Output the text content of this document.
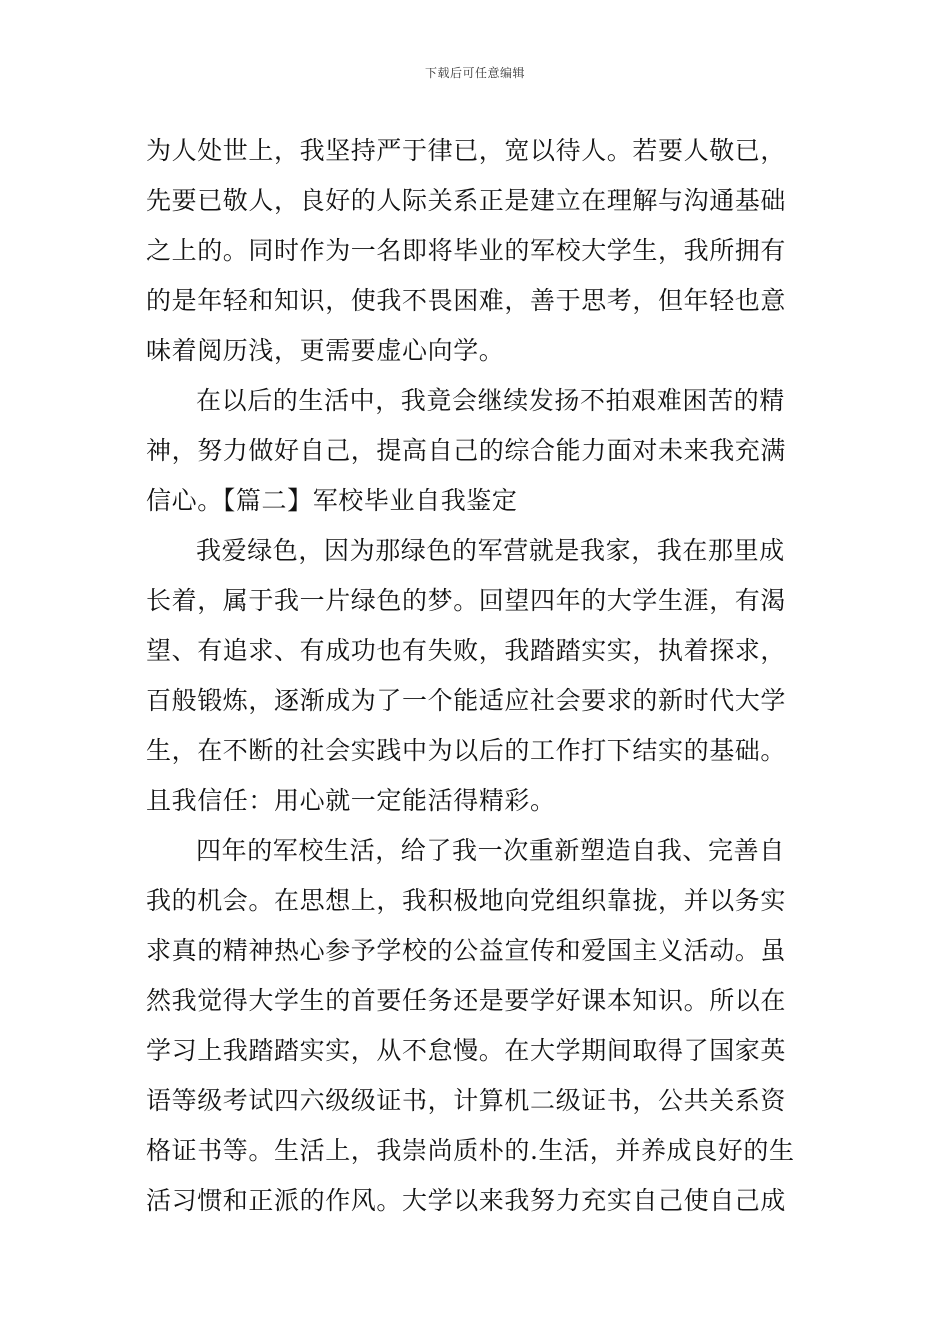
下载后可任意编辑
为人处世上，我坚持严于律已，宽以待人。若要人敬已，
先要已敬人，良好的人际关系正是建立在理解与沟通基础
之上的。同时作为一名即将毕业的军校大学生，我所拥有
的是年轻和知识，使我不畏困难，善于思考，但年轻也意
味着阅历浅，更需要虚心向学。
在以后的生活中，我竟会继续发扬不拍艰难困苦的精
神，努力做好自己，提高自己的综合能力面对未来我充满
信心。【篇二】军校毕业自我鉴定
我爱绿色，因为那绿色的军营就是我家，我在那里成
长着，属于我一片绿色的梦。回望四年的大学生涯，有渴
望、有追求、有成功也有失败，我踏踏实实，执着探求，
百般锻炼，逐渐成为了一个能适应社会要求的新时代大学
生，在不断的社会实践中为以后的工作打下结实的基础。
且我信任：用心就一定能活得精彩。
四年的军校生活，给了我一次重新塑造自我、完善自
我的机会。在思想上，我积极地向党组织靠拢，并以务实
求真的精神热心参予学校的公益宣传和爱国主义活动。虽
然我觉得大学生的首要任务还是要学好课本知识。所以在
学习上我踏踏实实，从不怠慢。在大学期间取得了国家英
语等级考试四六级级证书，计算机二级证书，公共关系资
格证书等。生活上，我崇尚质朴的.生活，并养成良好的生
活习惯和正派的作风。大学以来我努力充实自己使自己成
